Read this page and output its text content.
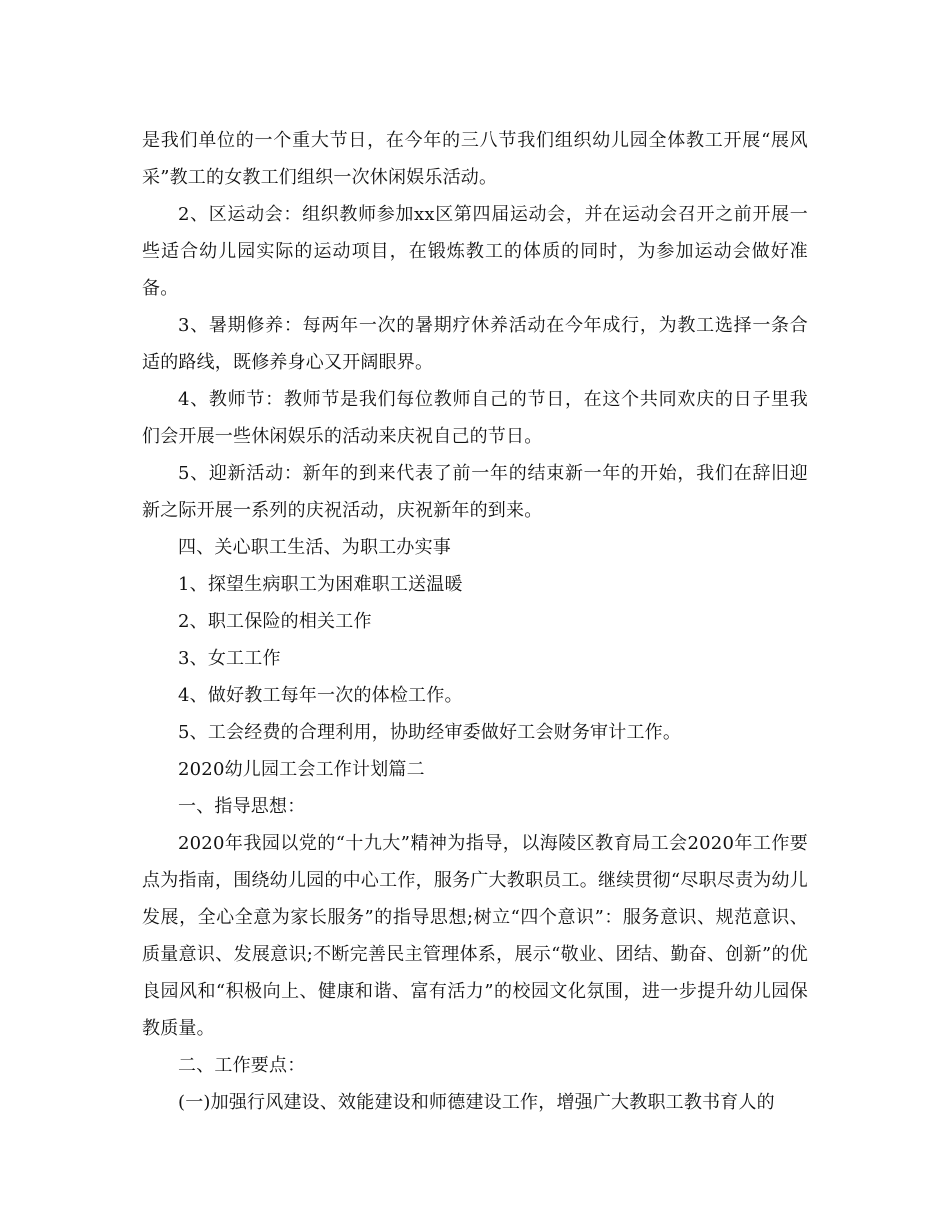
是我们单位的一个重大节日，在今年的三八节我们组织幼儿园全体教工开展“展风采”教工的女教工们组织一次休闲娱乐活动。

2、区运动会：组织教师参加xx区第四届运动会，并在运动会召开之前开展一些适合幼儿园实际的运动项目，在锻炼教工的体质的同时，为参加运动会做好准备。

3、暑期修养：每两年一次的暑期疗休养活动在今年成行，为教工选择一条合适的路线，既修养身心又开阔眼界。

4、教师节：教师节是我们每位教师自己的节日，在这个共同欢庆的日子里我们会开展一些休闲娱乐的活动来庆祝自己的节日。

5、迎新活动：新年的到来代表了前一年的结束新一年的开始，我们在辞旧迎新之际开展一系列的庆祝活动，庆祝新年的到来。

四、关心职工生活、为职工办实事

1、探望生病职工为困难职工送温暖

2、职工保险的相关工作

3、女工工作

4、做好教工每年一次的体检工作。

5、工会经费的合理利用，协助经审委做好工会财务审计工作。

2020幼儿园工会工作计划篇二

一、指导思想：

2020年我园以党的“十九大”精神为指导，以海陵区教育局工会2020年工作要点为指南，围绕幼儿园的中心工作，服务广大教职员工。继续贯彻“尽职尽责为幼儿发展，全心全意为家长服务”的指导思想;树立“四个意识”：服务意识、规范意识、质量意识、发展意识;不断完善民主管理体系，展示“敬业、团结、勤奋、创新”的优良园风和“积极向上、健康和谐、富有活力”的校园文化氛围，进一步提升幼儿园保教质量。

二、工作要点：

(一)加强行风建设、效能建设和师德建设工作，增强广大教职工教书育人的
